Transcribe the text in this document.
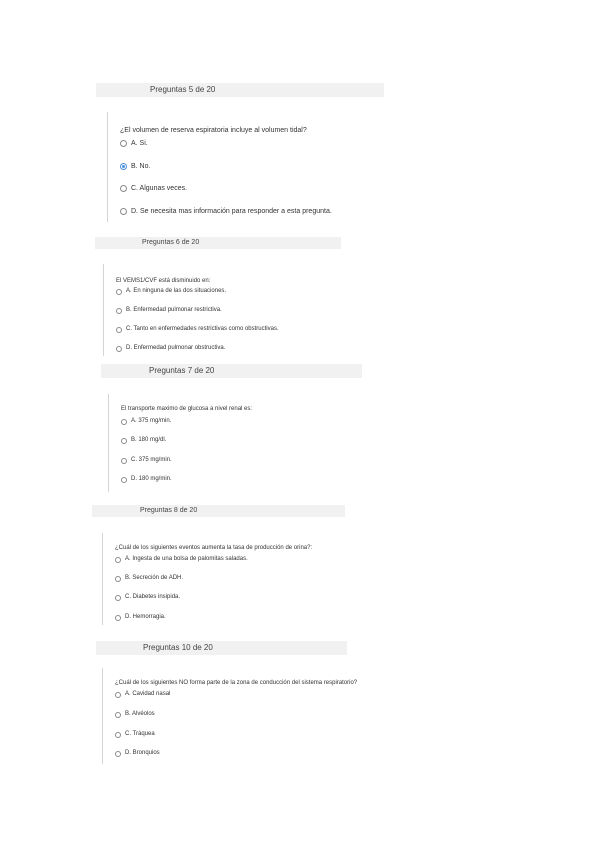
Preguntas 5 de 20
¿El volumen de reserva espiratoria incluye al volumen tidal?
A. Si.
B. No.
C. Algunas veces.
D. Se necesita mas información para responder a esta pregunta.
Preguntas 6 de 20
El VEMS1/CVF está disminuido en:
A. En ninguna de las dos situaciones.
B. Enfermedad pulmonar restrictiva.
C. Tanto en enfermedades restrictivas como obstructivas.
D. Enfermedad pulmonar obstructiva.
Preguntas 7 de 20
El transporte maximo de glucosa a nivel renal es:
A. 375 mg/min.
B. 180 mg/dl.
C. 375 mg/min.
D. 180 mg/min.
Preguntas 8 de 20
¿Cuál de los siguientes eventos aumenta la tasa de producción de orina?:
A. Ingesta de una bolsa de palomitas saladas.
B. Secreción de ADH.
C. Diabetes insipida.
D. Hemorragia.
Preguntas 10 de 20
¿Cuál de los siguientes NO forma parte de la zona de conducción del sistema respiratorio?
A. Cavidad nasal
B. Alvéolos
C. Tráquea
D. Bronquios
